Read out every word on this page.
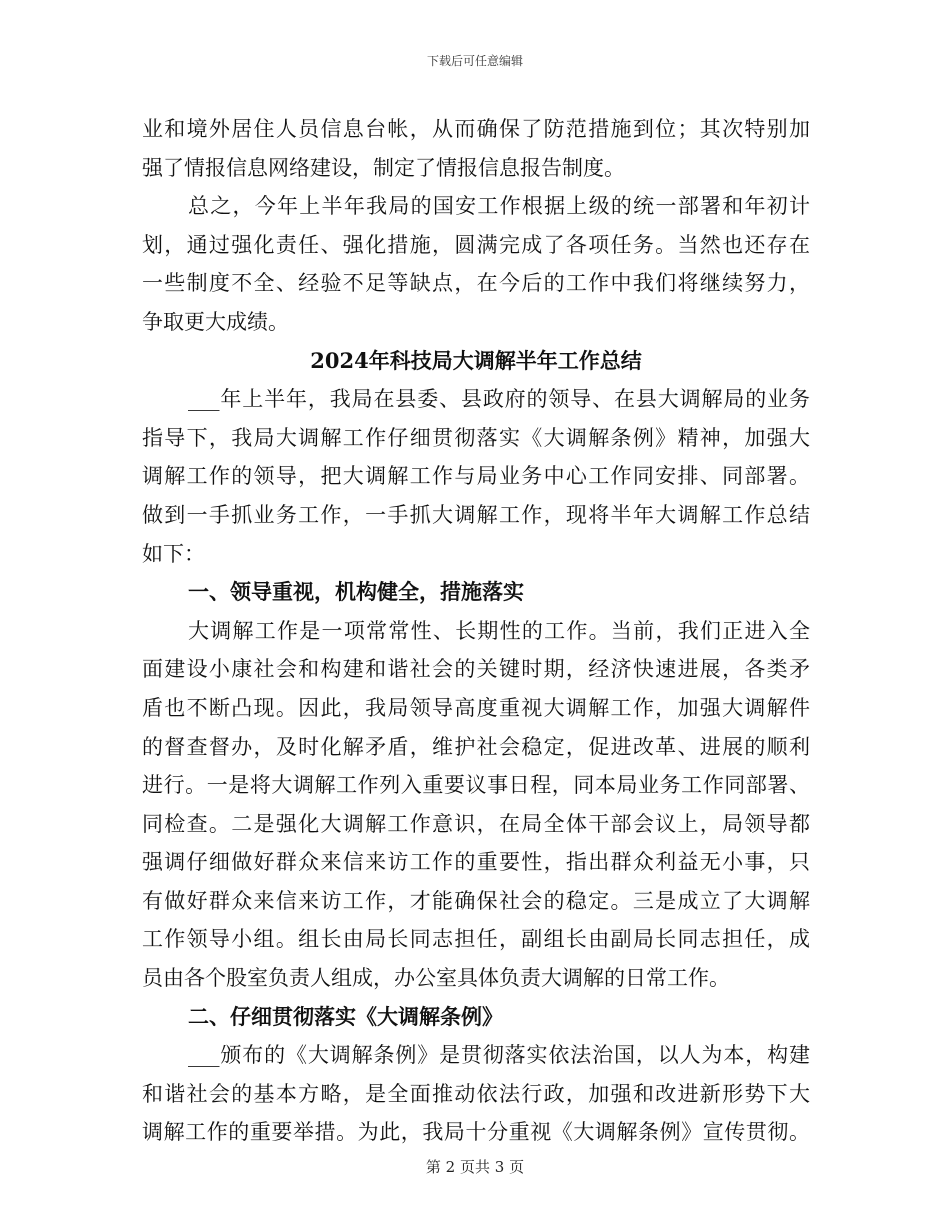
下载后可任意编辑
业和境外居住人员信息台帐，从而确保了防范措施到位；其次特别加
强了情报信息网络建设，制定了情报信息报告制度。
总之，今年上半年我局的国安工作根据上级的统一部署和年初计
划，通过强化责任、强化措施，圆满完成了各项任务。当然也还存在
一些制度不全、经验不足等缺点，在今后的工作中我们将继续努力，
争取更大成绩。
2024年科技局大调解半年工作总结
___年上半年，我局在县委、县政府的领导、在县大调解局的业务
指导下，我局大调解工作仔细贯彻落实《大调解条例》精神，加强大
调解工作的领导，把大调解工作与局业务中心工作同安排、同部署。
做到一手抓业务工作，一手抓大调解工作，现将半年大调解工作总结
如下：
一、领导重视，机构健全，措施落实
大调解工作是一项常常性、长期性的工作。当前，我们正进入全
面建设小康社会和构建和谐社会的关键时期，经济快速进展，各类矛
盾也不断凸现。因此，我局领导高度重视大调解工作，加强大调解件
的督查督办，及时化解矛盾，维护社会稳定，促进改革、进展的顺利
进行。一是将大调解工作列入重要议事日程，同本局业务工作同部署、
同检查。二是强化大调解工作意识，在局全体干部会议上，局领导都
强调仔细做好群众来信来访工作的重要性，指出群众利益无小事，只
有做好群众来信来访工作，才能确保社会的稳定。三是成立了大调解
工作领导小组。组长由局长同志担任，副组长由副局长同志担任，成
员由各个股室负责人组成，办公室具体负责大调解的日常工作。
二、仔细贯彻落实《大调解条例》
___颁布的《大调解条例》是贯彻落实依法治国，以人为本，构建
和谐社会的基本方略，是全面推动依法行政，加强和改进新形势下大
调解工作的重要举措。为此，我局十分重视《大调解条例》宣传贯彻。
第 2 页共 3 页
